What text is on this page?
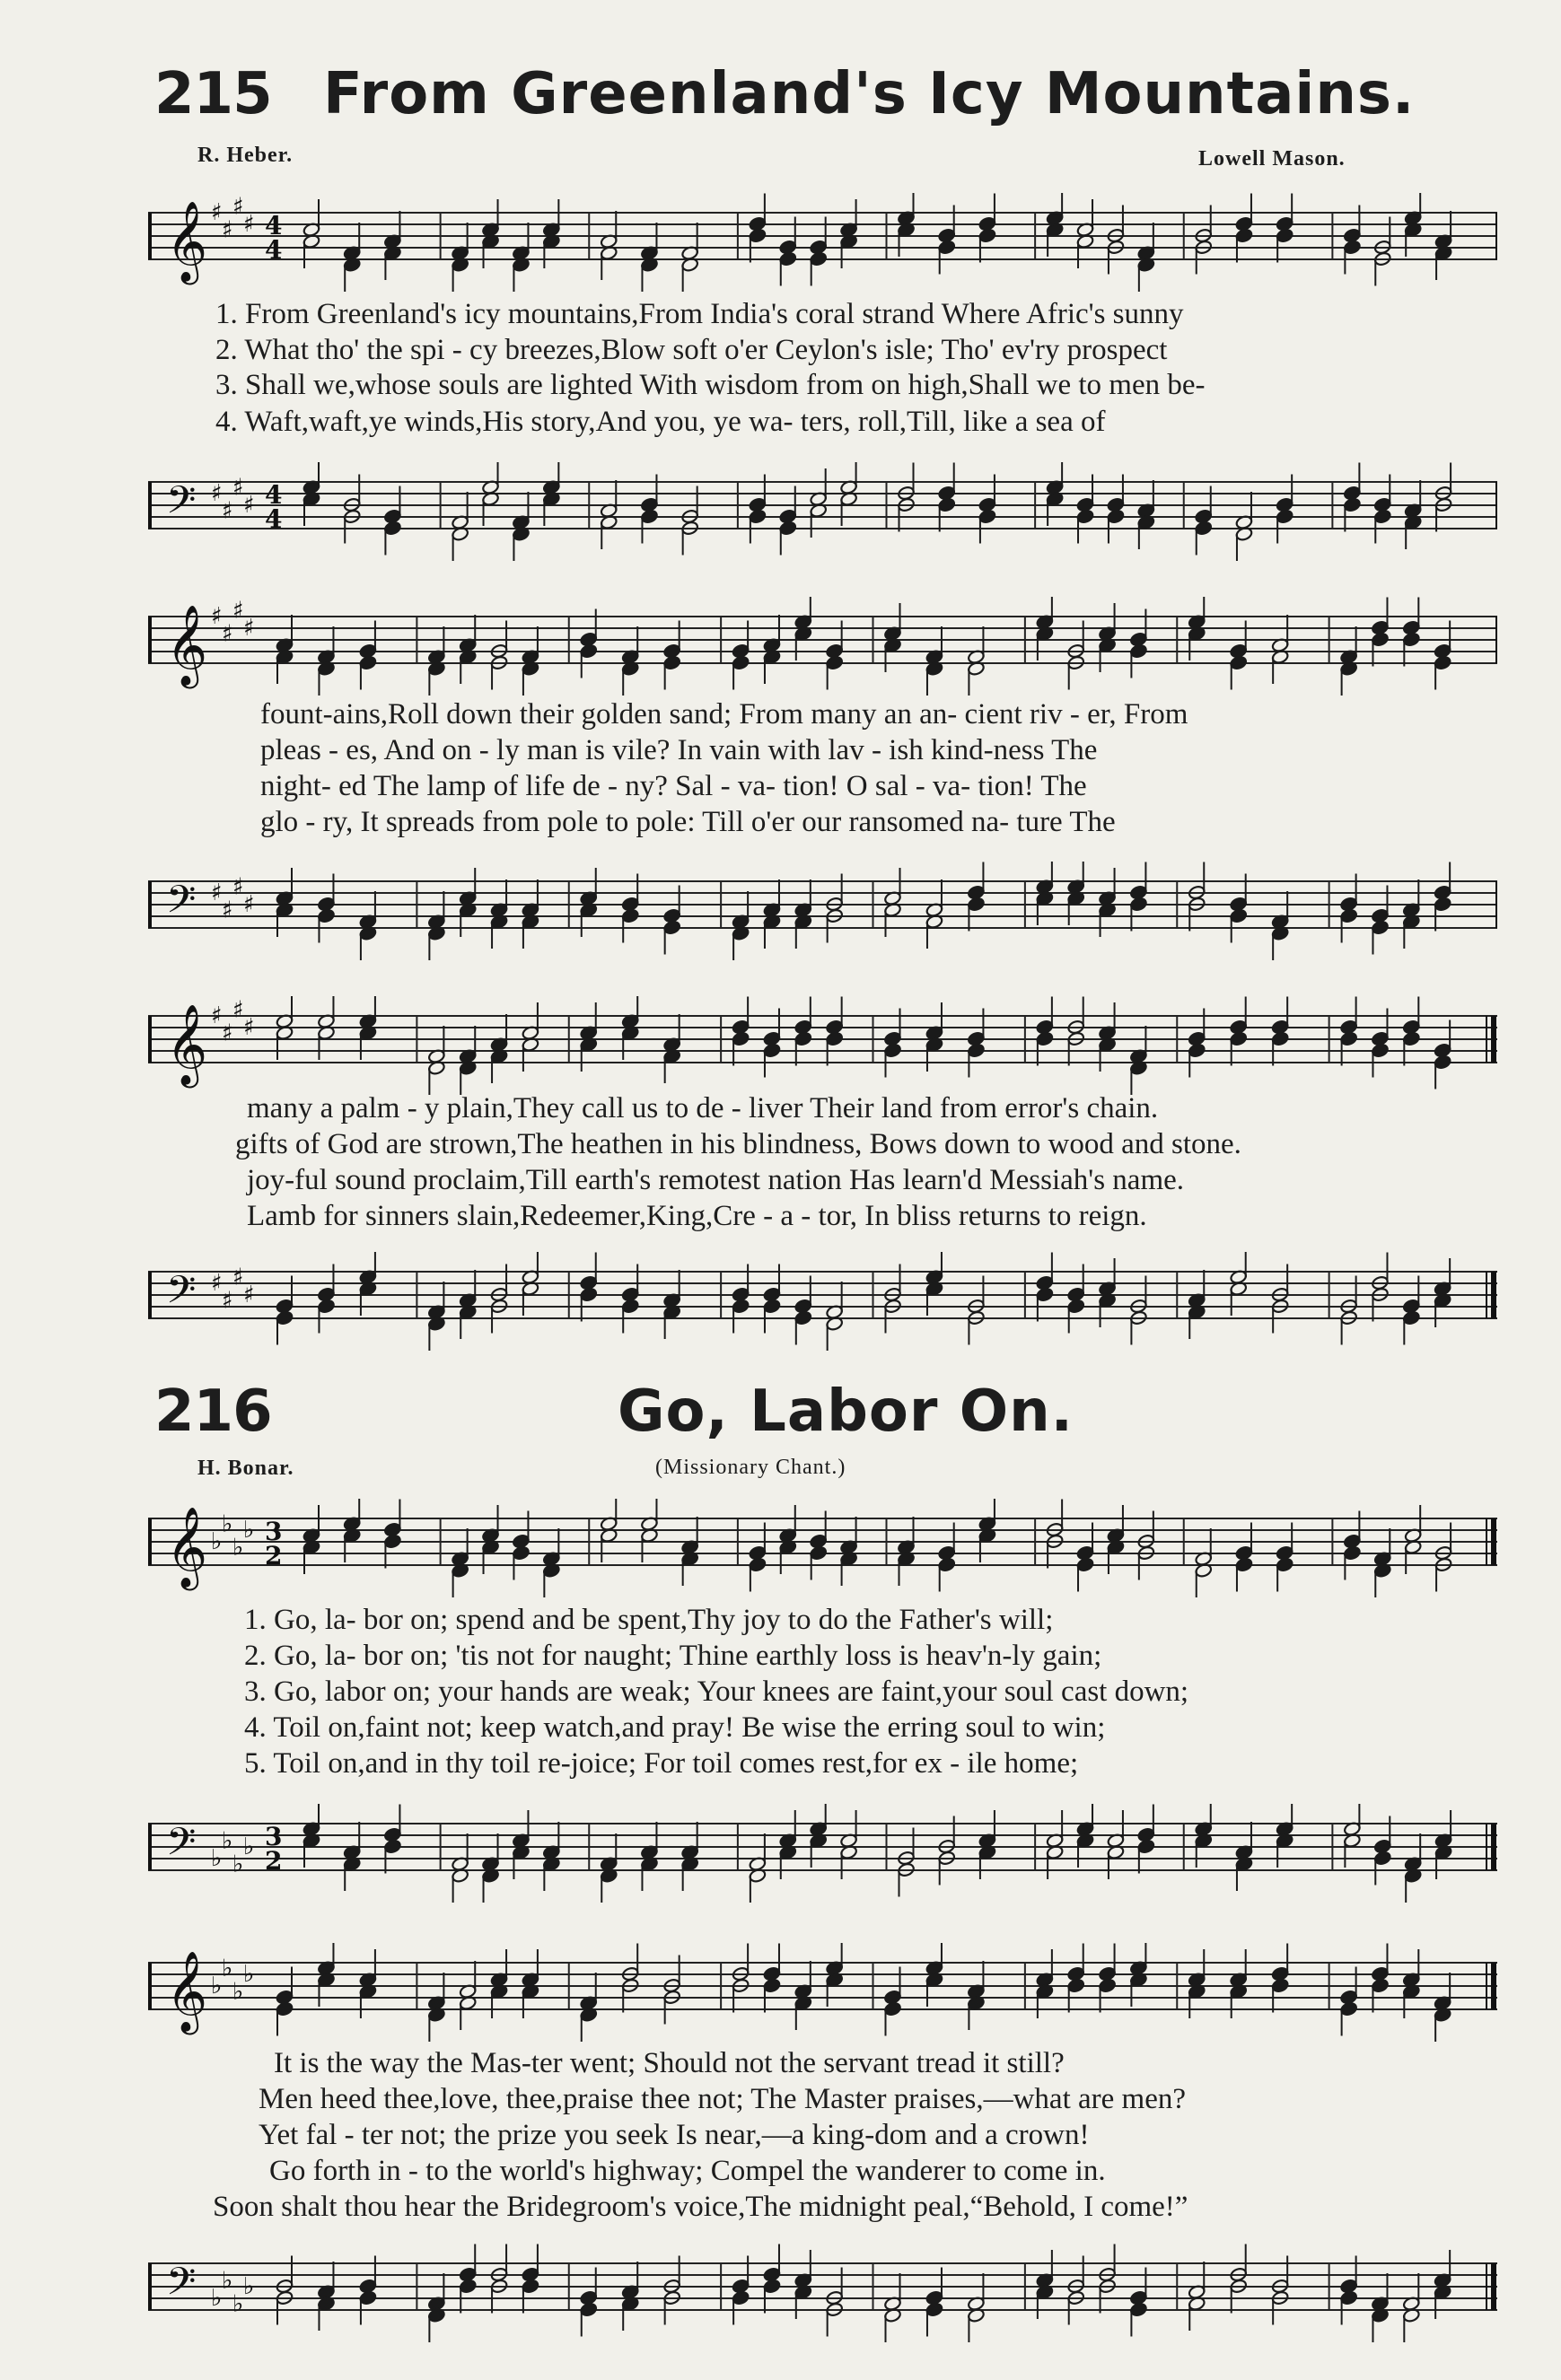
215 From Greenland's Icy Mountains.
R. Heber.	Lowell Mason.
𝄞 ♯
♯
♯
♯ 4
4
1. From Greenland's icy mountains,From India's coral strand Where Afric's sunny
2. What tho' the spi - cy breezes,Blow soft o'er Ceylon's isle; Tho' ev'ry prospect
3. Shall we,whose souls are lighted With wisdom from on high,Shall we to men be-
4. Waft,waft,ye winds,His story,And you, ye wa- ters, roll,Till, like a sea of
𝄢 ♯
♯
♯
♯ 4
4
𝄞 ♯
♯
♯
♯
fount-ains,Roll down their golden sand; From many an an- cient riv - er, From
pleas - es, And on - ly man is vile? In vain with lav - ish kind-ness The
night- ed The lamp of life de - ny? Sal - va- tion! O sal - va- tion! The
glo - ry, It spreads from pole to pole: Till o'er our ransomed na- ture The
𝄢 ♯
♯
♯
♯
𝄞 ♯
♯
♯
♯
many a palm - y plain,They call us to de - liver Their land from error's chain.
gifts of God are strown,The heathen in his blindness, Bows down to wood and stone.
joy-ful sound proclaim,Till earth's remotest nation Has learn'd Messiah's name.
Lamb for sinners slain,Redeemer,King,Cre - a - tor, In bliss returns to reign.
𝄢 ♯
♯
♯
♯
216	Go, Labor On.
H. Bonar.	(Missionary Chant.)
𝄞 ♭
♭
♭
♭ 3
2
1. Go, la- bor on; spend and be spent,Thy joy to do the Father's will;
2. Go, la- bor on; 'tis not for naught; Thine earthly loss is heav'n-ly gain;
3. Go, labor on; your hands are weak; Your knees are faint,your soul cast down;
4. Toil on,faint not; keep watch,and pray! Be wise the erring soul to win;
5. Toil on,and in thy toil re-joice; For toil comes rest,for ex - ile home;
𝄢 ♭
♭
♭
♭ 3
2
𝄞 ♭
♭
♭
♭
It is the way the Mas-ter went; Should not the servant tread it still?
Men heed thee,love, thee,praise thee not; The Master praises,—what are men?
Yet fal - ter not; the prize you seek Is near,—a king-dom and a crown!
Go forth in - to the world's highway; Compel the wanderer to come in.
Soon shalt thou hear the Bridegroom's voice,The midnight peal,“Behold, I come!”
𝄢 ♭
♭
♭
♭
